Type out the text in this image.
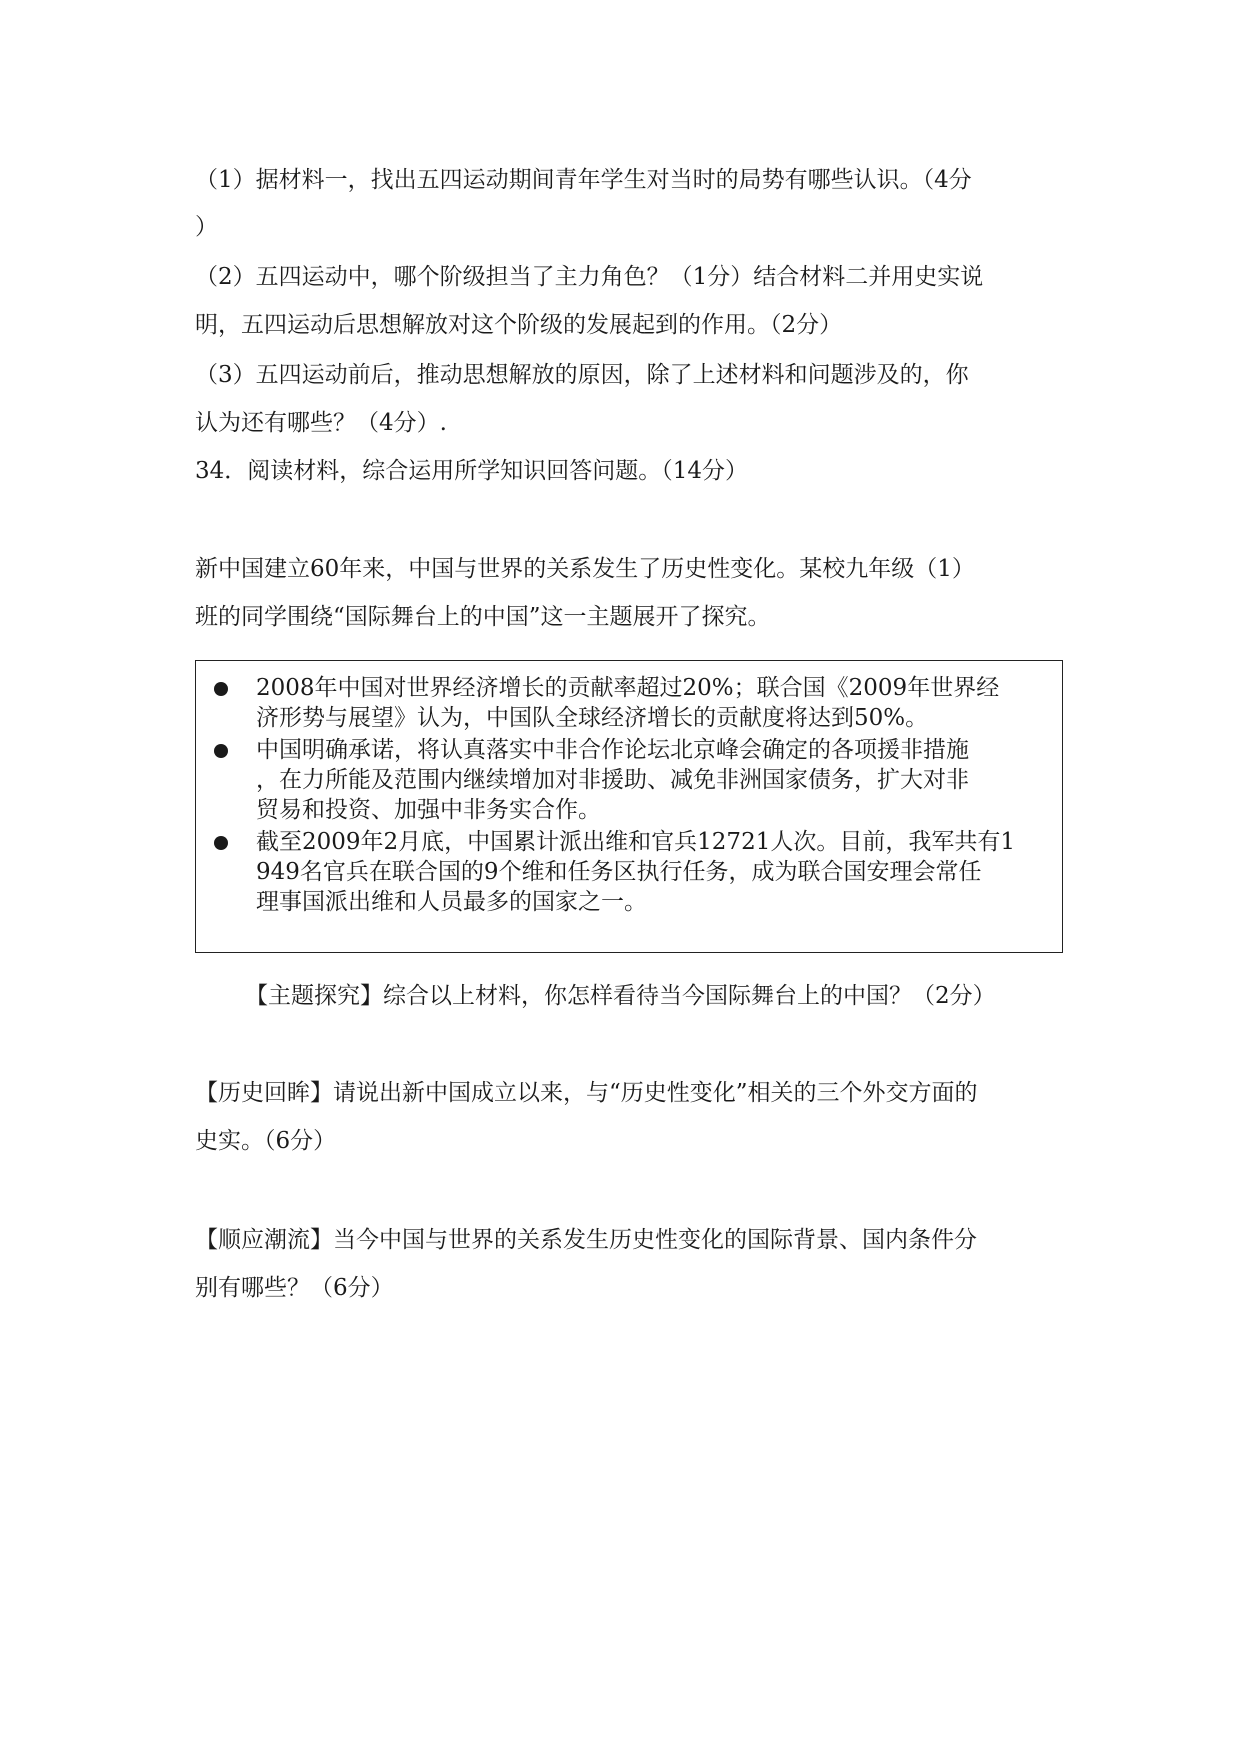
（1）据材料一，找出五四运动期间青年学生对当时的局势有哪些认识。（4分
）
（2）五四运动中，哪个阶级担当了主力角色？（1分）结合材料二并用史实说
明，五四运动后思想解放对这个阶级的发展起到的作用。（2分）
（3）五四运动前后，推动思想解放的原因，除了上述材料和问题涉及的，你
认为还有哪些？（4分）.
34．阅读材料，综合运用所学知识回答问题。（14分）
新中国建立60年来，中国与世界的关系发生了历史性变化。某校九年级（1）
班的同学围绕“国际舞台上的中国”这一主题展开了探究。
2008年中国对世界经济增长的贡献率超过20%；联合国《2009年世界经
济形势与展望》认为，中国队全球经济增长的贡献度将达到50%。
中国明确承诺，将认真落实中非合作论坛北京峰会确定的各项援非措施
，在力所能及范围内继续增加对非援助、减免非洲国家债务，扩大对非
贸易和投资、加强中非务实合作。
截至2009年2月底，中国累计派出维和官兵12721人次。目前，我军共有1
949名官兵在联合国的9个维和任务区执行任务，成为联合国安理会常任
理事国派出维和人员最多的国家之一。
【主题探究】综合以上材料，你怎样看待当今国际舞台上的中国？（2分）
【历史回眸】请说出新中国成立以来，与“历史性变化”相关的三个外交方面的
史实。（6分）
【顺应潮流】当今中国与世界的关系发生历史性变化的国际背景、国内条件分
别有哪些？（6分）
